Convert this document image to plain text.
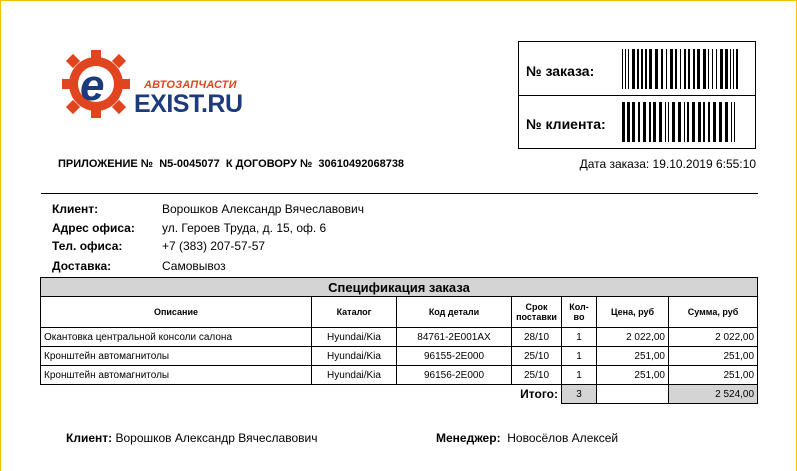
e	АВТОЗАПЧАСТИ
EXIST.RU
№ заказа:
№ клиента:
ПРИЛОЖЕНИЕ № N5-0045077 К ДОГОВОРУ № 30610492068738	Дата заказа: 19.10.2019 6:55:10
Клиент:	Ворошков Александр Вячеславович
Адрес офиса: ул. Героев Труда, д. 15, оф. 6
Тел. офиса:	+7 (383) 207-57-57
Доставка:	Самовывоз
Спецификация заказа						
Описание	Каталог	Код детали	Срок поставки	Кол-во	Цена, руб	Сумма, руб
Окантовка центральной консоли салона	Hyundai/Kia	84761-2E001AX	28/10	1	2 022,00	2 022,00
Кронштейн автомагнитолы	Hyundai/Kia	96155-2E000	25/10	1	251,00	251,00
Кронштейн автомагнитолы	Hyundai/Kia	96156-2E000	25/10	1	251,00	251,00
		Итого:		3		2 524,00
Клиент: Ворошков Александр Вячеславович	Менеджер: Новосёлов Алексей
